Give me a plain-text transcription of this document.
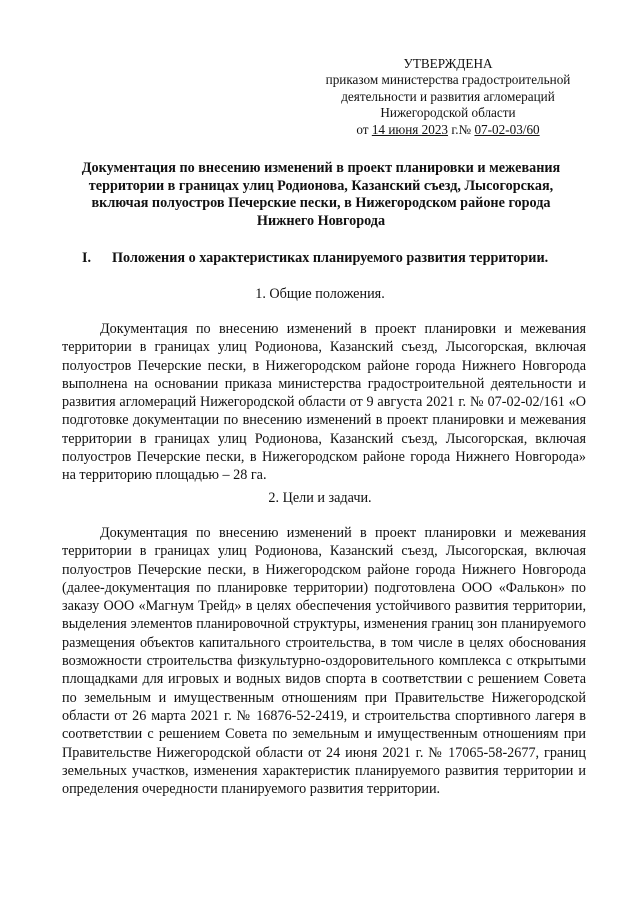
УТВЕРЖДЕНА
приказом министерства градостроительной
деятельности и развития агломераций
Нижегородской области
от 14 июня 2023 г.№ 07-02-03/60
Документация по внесению изменений в проект планировки и межевания территории в границах улиц Родионова, Казанский съезд, Лысогорская, включая полуостров Печерские пески, в Нижегородском районе города Нижнего Новгорода
I. Положения о характеристиках планируемого развития территории.
1. Общие положения.
Документация по внесению изменений в проект планировки и межевания территории в границах улиц Родионова, Казанский съезд, Лысогорская, включая полуостров Печерские пески, в Нижегородском районе города Нижнего Новгорода выполнена на основании приказа министерства градостроительной деятельности и развития агломераций Нижегородской области от 9 августа 2021 г. № 07-02-02/161 «О подготовке документации по внесению изменений в проект планировки и межевания территории в границах улиц Родионова, Казанский съезд, Лысогорская, включая полуостров Печерские пески, в Нижегородском районе города Нижнего Новгорода» на территорию площадью – 28 га.
2. Цели и задачи.
Документация по внесению изменений в проект планировки и межевания территории в границах улиц Родионова, Казанский съезд, Лысогорская, включая полуостров Печерские пески, в Нижегородском районе города Нижнего Новгорода (далее-документация по планировке территории) подготовлена ООО «Фалькон» по заказу ООО «Магнум Трейд» в целях обеспечения устойчивого развития территории, выделения элементов планировочной структуры, изменения границ зон планируемого размещения объектов капитального строительства, в том числе в целях обоснования возможности строительства физкультурно-оздоровительного комплекса с открытыми площадками для игровых и водных видов спорта в соответствии с решением Совета по земельным и имущественным отношениям при Правительстве Нижегородской области от 26 марта 2021 г. № 16876-52-2419, и строительства спортивного лагеря в соответствии с решением Совета по земельным и имущественным отношениям при Правительстве Нижегородской области от 24 июня 2021 г. № 17065-58-2677, границ земельных участков, изменения характеристик планируемого развития территории и определения очередности планируемого развития территории.
